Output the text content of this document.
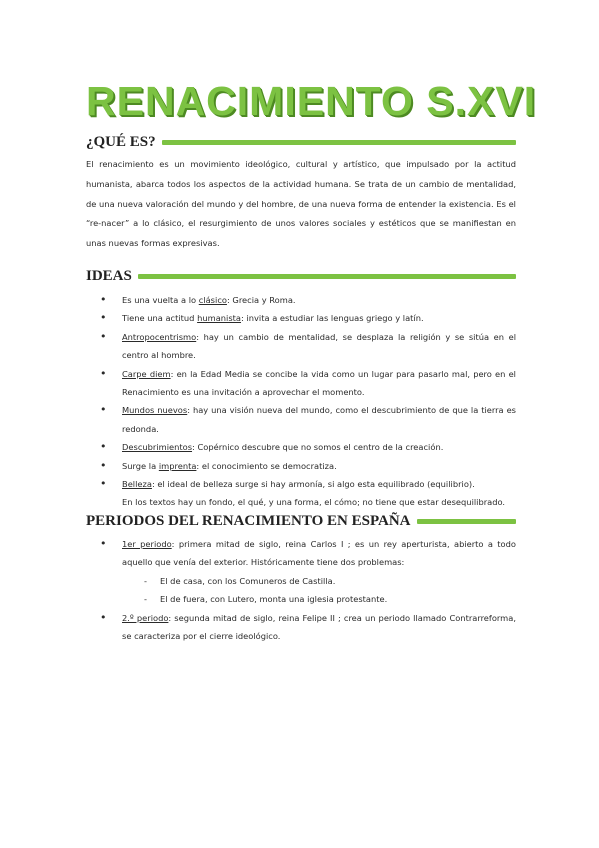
RENACIMIENTO S.XVI
¿QUÉ ES?

El renacimiento es un movimiento ideológico, cultural y artístico, que impulsado por la actitud humanista, abarca todos los aspectos de la actividad humana. Se trata de un cambio de mentalidad, de una nueva valoración del mundo y del hombre, de una nueva forma de entender la existencia. Es el “re-nacer” a lo clásico, el resurgimiento de unos valores sociales y estéticos que se manifiestan en unas nuevas formas expresivas.

IDEAS
• Es una vuelta a lo clásico: Grecia y Roma.
• Tiene una actitud humanista: invita a estudiar las lenguas griego y latín.
• Antropocentrismo: hay un cambio de mentalidad, se desplaza la religión y se sitúa en el centro al hombre.
• Carpe diem: en la Edad Media se concibe la vida como un lugar para pasarlo mal, pero en el Renacimiento es una invitación a aprovechar el momento.
• Mundos nuevos: hay una visión nueva del mundo, como el descubrimiento de que la tierra es redonda.
• Descubrimientos: Copérnico descubre que no somos el centro de la creación.
• Surge la imprenta: el conocimiento se democratiza.
• Belleza: el ideal de belleza surge si hay armonía, si algo esta equilibrado (equilibrio).
En los textos hay un fondo, el qué, y una forma, el cómo; no tiene que estar desequilibrado.
PERIODOS DEL RENACIMIENTO EN ESPAÑA
• 1er periodo: primera mitad de siglo, reina Carlos I ; es un rey aperturista, abierto a todo aquello que venía del exterior. Históricamente tiene dos problemas:
- El de casa, con los Comuneros de Castilla.
- El de fuera, con Lutero, monta una iglesia protestante.
• 2.º periodo: segunda mitad de siglo, reina Felipe II ; crea un periodo llamado Contrarreforma, se caracteriza por el cierre ideológico.
